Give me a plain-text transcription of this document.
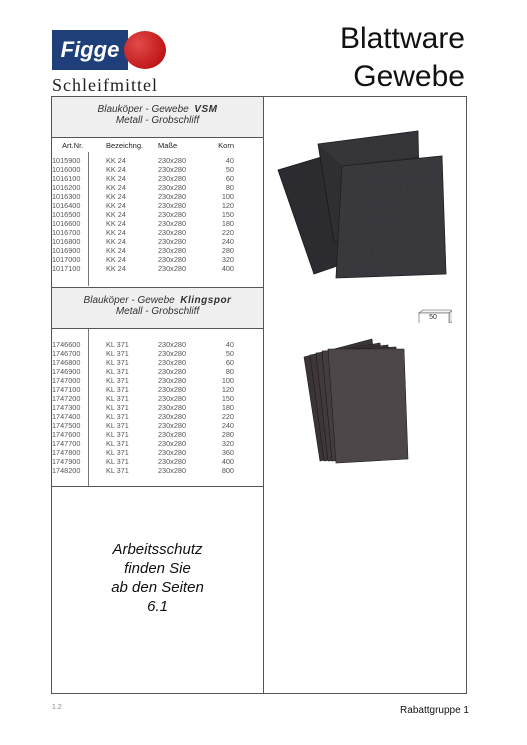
Figge
Schleifmittel
Blattware
Gewebe
Blauköper - Gewebe VSM
Metall - Grobschliff
Art.Nr.	Bezeichng. Maße	Korn
1015900	KK 24	230x280	40
1016000	KK 24	230x280	50
1016100	KK 24	230x280	60
1016200	KK 24	230x280	80
1016300	KK 24	230x280	100
1016400	KK 24	230x280	120
1016500	KK 24	230x280	150
1016600	KK 24	230x280	180
1016700	KK 24	230x280	220
1016800	KK 24	230x280	240
1016900	KK 24	230x280	280
1017000	KK 24	230x280	320
1017100	KK 24	230x280	400
Blauköper - Gewebe Klingspor
Metall - Grobschliff
1746600	KL 371	230x280	40
1746700	KL 371	230x280	50
1746800	KL 371	230x280	60
1746900	KL 371	230x280	80
1747000	KL 371	230x280	100
1747100	KL 371	230x280	120
1747200	KL 371	230x280	150
1747300	KL 371	230x280	180
1747400	KL 371	230x280	220
1747500	KL 371	230x280	240
1747600	KL 371	230x280	280
1747700	KL 371	230x280	320
1747800	KL 371	230x280	360
1747900	KL 371	230x280	400
1748200	KL 371	230x280	800
Arbeitsschutz
finden Sie
ab den Seiten
6.1
50
1.2	Rabattgruppe 1
